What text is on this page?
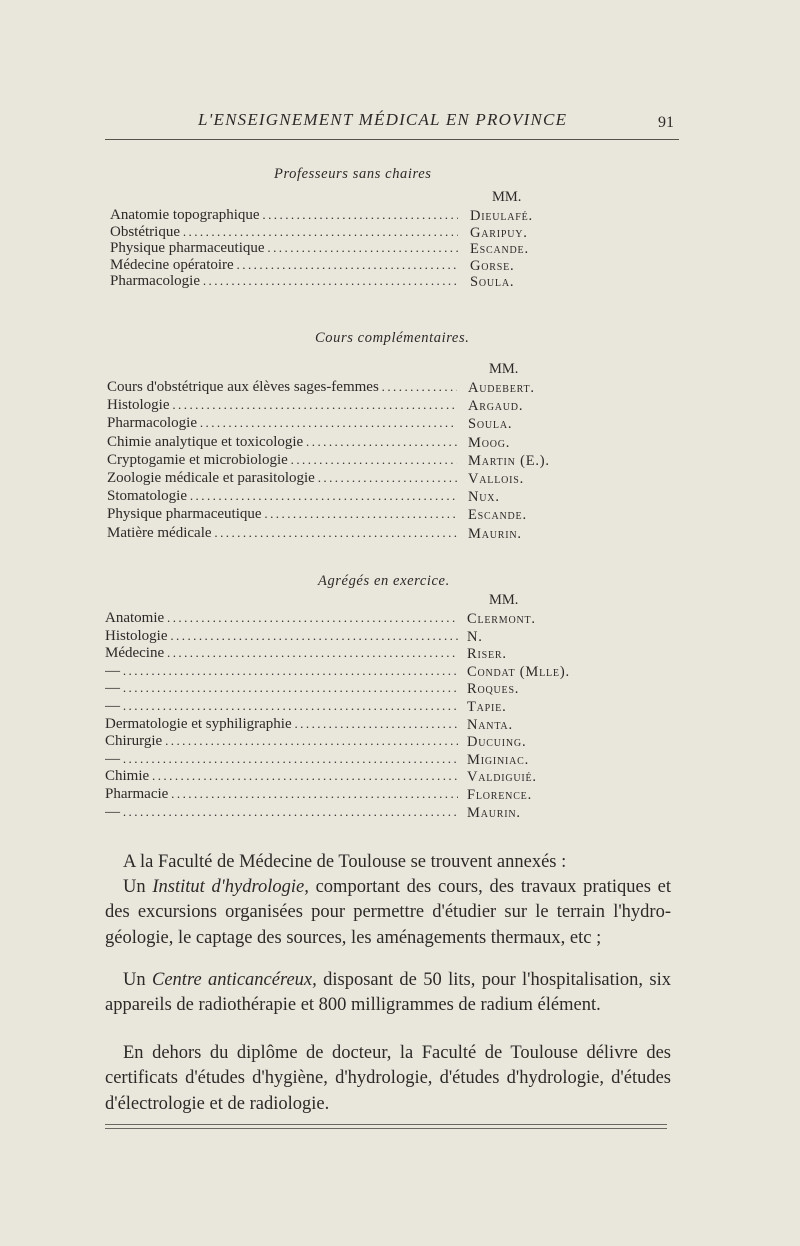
L'ENSEIGNEMENT MÉDICAL EN PROVINCE	91
Professeurs sans chaires
MM.
Anatomie topographique . . .	Dieulafé.
Obstétrique . . .	Garipuy.
Physique pharmaceutique . . .	Escande.
Médecine opératoire . . .	Gorse.
Pharmacologie . . .	Soula.
Cours complémentaires.
MM.
Cours d'obstétrique aux élèves sages-femmes . . .	Audebert.
Histologie . . .	Argaud.
Pharmacologie . . .	Soula.
Chimie analytique et toxicologie . . .	Moog.
Cryptogamie et microbiologie . . .	Martin (E.).
Zoologie médicale et parasitologie . . .	Vallois.
Stomatologie . . .	Nux.
Physique pharmaceutique . . .	Escande.
Matière médicale . . .	Maurin.
Agrégés en exercice.
MM.
Anatomie . . .	Clermont.
Histologie . . .	N.
Médecine . . .	Riser.
— . . .	Condat (Mlle).
— . . .	Roques.
— . . .	Tapie.
Dermatologie et syphiligraphie . . .	Nanta.
Chirurgie . . .	Ducuing.
— . . .	Miginiac.
Chimie . . .	Valdiguié.
Pharmacie . . .	Florence.
— . . .	Maurin.

A la Faculté de Médecine de Toulouse se trouvent annexés :

Un Institut d'hydrologie, comportant des cours, des travaux pratiques et des excursions organisées pour permettre d'étudier sur le terrain l'hydro-géologie, le captage des sources, les aménagements thermaux, etc ;

Un Centre anticancéreux, disposant de 50 lits, pour l'hospitalisation, six appareils de radiothérapie et 800 milligrammes de radium élément.

En dehors du diplôme de docteur, la Faculté de Toulouse délivre des certificats d'études d'hygiène, d'hydrologie, d'études d'hydrologie, d'études d'électrologie et de radiologie.
